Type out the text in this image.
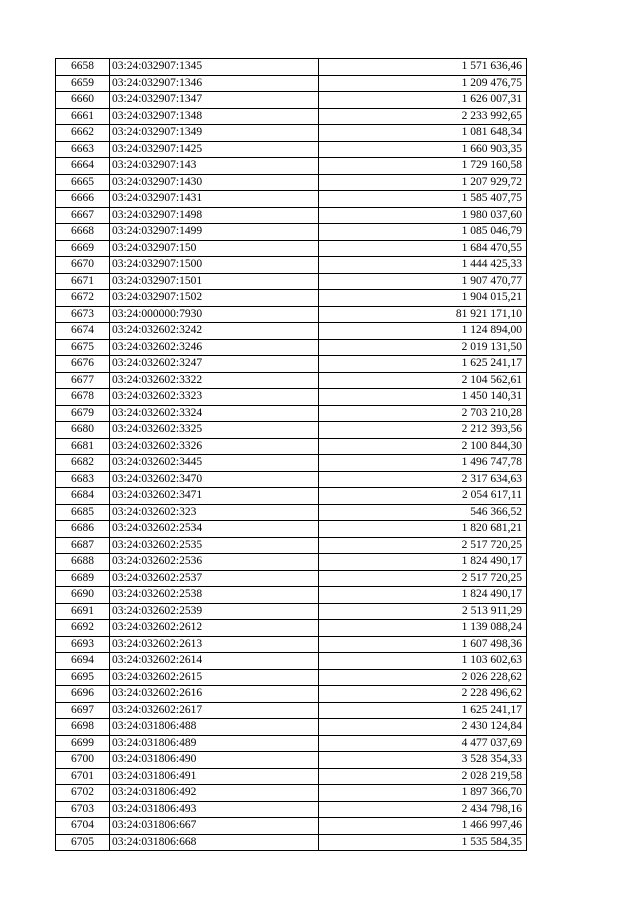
6658	03:24:032907:1345	1 571 636,46
6659	03:24:032907:1346	1 209 476,75
6660	03:24:032907:1347	1 626 007,31
6661	03:24:032907:1348	2 233 992,65
6662	03:24:032907:1349	1 081 648,34
6663	03:24:032907:1425	1 660 903,35
6664	03:24:032907:143	1 729 160,58
6665	03:24:032907:1430	1 207 929,72
6666	03:24:032907:1431	1 585 407,75
6667	03:24:032907:1498	1 980 037,60
6668	03:24:032907:1499	1 085 046,79
6669	03:24:032907:150	1 684 470,55
6670	03:24:032907:1500	1 444 425,33
6671	03:24:032907:1501	1 907 470,77
6672	03:24:032907:1502	1 904 015,21
6673	03:24:000000:7930	81 921 171,10
6674	03:24:032602:3242	1 124 894,00
6675	03:24:032602:3246	2 019 131,50
6676	03:24:032602:3247	1 625 241,17
6677	03:24:032602:3322	2 104 562,61
6678	03:24:032602:3323	1 450 140,31
6679	03:24:032602:3324	2 703 210,28
6680	03:24:032602:3325	2 212 393,56
6681	03:24:032602:3326	2 100 844,30
6682	03:24:032602:3445	1 496 747,78
6683	03:24:032602:3470	2 317 634,63
6684	03:24:032602:3471	2 054 617,11
6685	03:24:032602:323	546 366,52
6686	03:24:032602:2534	1 820 681,21
6687	03:24:032602:2535	2 517 720,25
6688	03:24:032602:2536	1 824 490,17
6689	03:24:032602:2537	2 517 720,25
6690	03:24:032602:2538	1 824 490,17
6691	03:24:032602:2539	2 513 911,29
6692	03:24:032602:2612	1 139 088,24
6693	03:24:032602:2613	1 607 498,36
6694	03:24:032602:2614	1 103 602,63
6695	03:24:032602:2615	2 026 228,62
6696	03:24:032602:2616	2 228 496,62
6697	03:24:032602:2617	1 625 241,17
6698	03:24:031806:488	2 430 124,84
6699	03:24:031806:489	4 477 037,69
6700	03:24:031806:490	3 528 354,33
6701	03:24:031806:491	2 028 219,58
6702	03:24:031806:492	1 897 366,70
6703	03:24:031806:493	2 434 798,16
6704	03:24:031806:667	1 466 997,46
6705	03:24:031806:668	1 535 584,35
